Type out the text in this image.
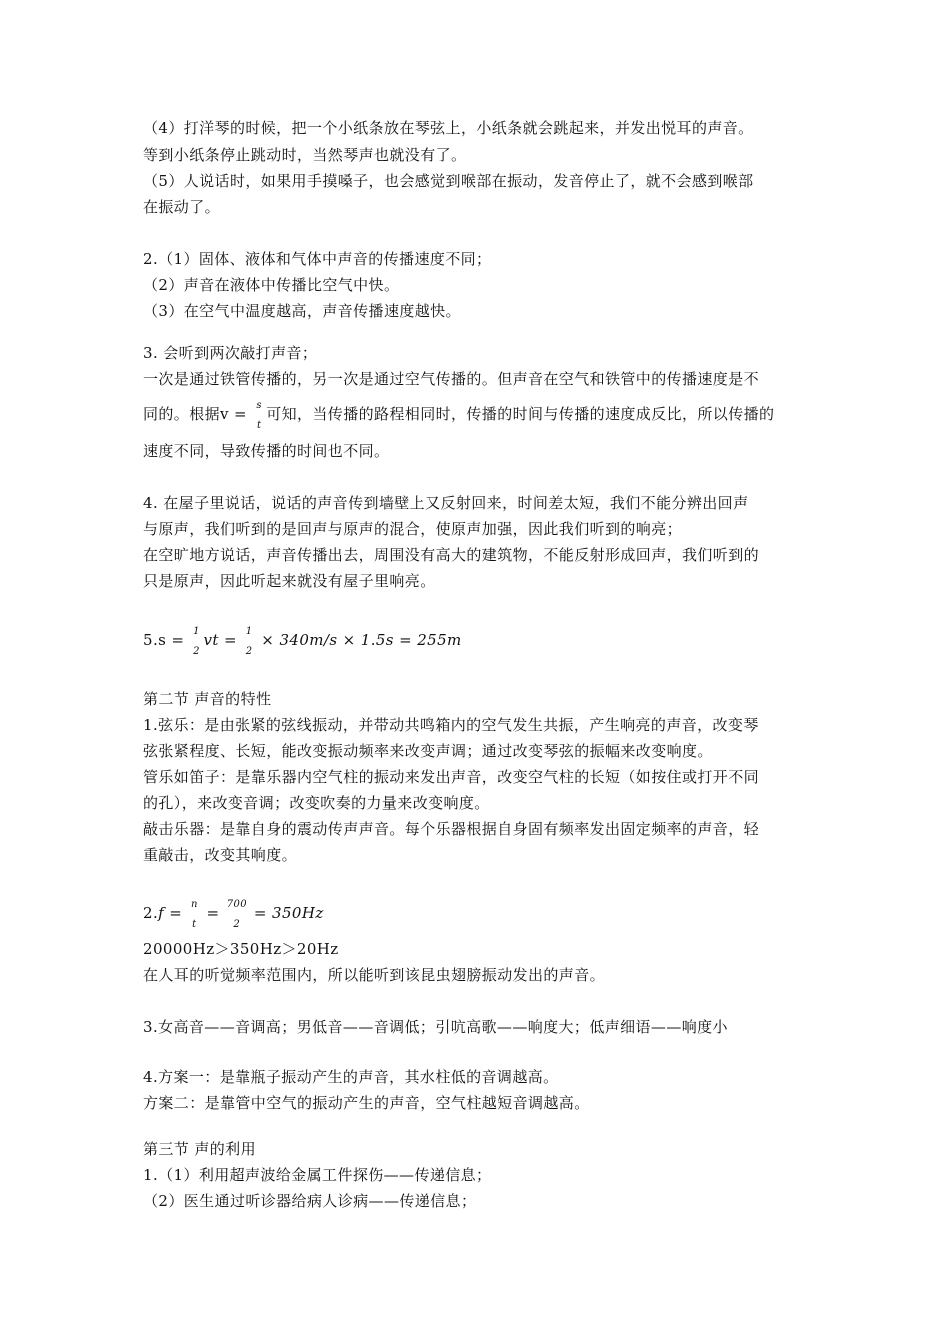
（4）打洋琴的时候，把一个小纸条放在琴弦上，小纸条就会跳起来，并发出悦耳的声音。

等到小纸条停止跳动时，当然琴声也就没有了。

（5）人说话时，如果用手摸嗓子，也会感觉到喉部在振动，发音停止了，就不会感到喉部

在振动了。

2.（1）固体、液体和气体中声音的传播速度不同；

（2）声音在液体中传播比空气中快。

（3）在空气中温度越高，声音传播速度越快。

3. 会听到两次敲打声音；

一次是通过铁管传播的，另一次是通过空气传播的。但声音在空气和铁管中的传播速度是不

同的。根据v = s
t
可知，当传播的路程相同时，传播的时间与传播的速度成反比，所以传播的

速度不同，导致传播的时间也不同。

4. 在屋子里说话，说话的声音传到墙壁上又反射回来，时间差太短，我们不能分辨出回声

与原声，我们听到的是回声与原声的混合，使原声加强，因此我们听到的响亮；

在空旷地方说话，声音传播出去，周围没有高大的建筑物，不能反射形成回声，我们听到的

只是原声，因此听起来就没有屋子里响亮。

5.s = 1
2
vt = 1
2
× 340m/s × 1.5s = 255m

第二节 声音的特性

1.弦乐：是由张紧的弦线振动，并带动共鸣箱内的空气发生共振，产生响亮的声音，改变琴

弦张紧程度、长短，能改变振动频率来改变声调；通过改变琴弦的振幅来改变响度。

管乐如笛子：是靠乐器内空气柱的振动来发出声音，改变空气柱的长短（如按住或打开不同

的孔），来改变音调；改变吹奏的力量来改变响度。

敲击乐器：是靠自身的震动传声声音。每个乐器根据自身固有频率发出固定频率的声音，轻

重敲击，改变其响度。

2.f = n
t
= 700
2
= 350Hz

20000Hz＞350Hz＞20Hz

在人耳的听觉频率范围内，所以能听到该昆虫翅膀振动发出的声音。

3.女高音——音调高；男低音——音调低；引吭高歌——响度大；低声细语——响度小

4.方案一：是靠瓶子振动产生的声音，其水柱低的音调越高。

方案二：是靠管中空气的振动产生的声音，空气柱越短音调越高。

第三节 声的利用

1.（1）利用超声波给金属工件探伤——传递信息；

（2）医生通过听诊器给病人诊病——传递信息；
